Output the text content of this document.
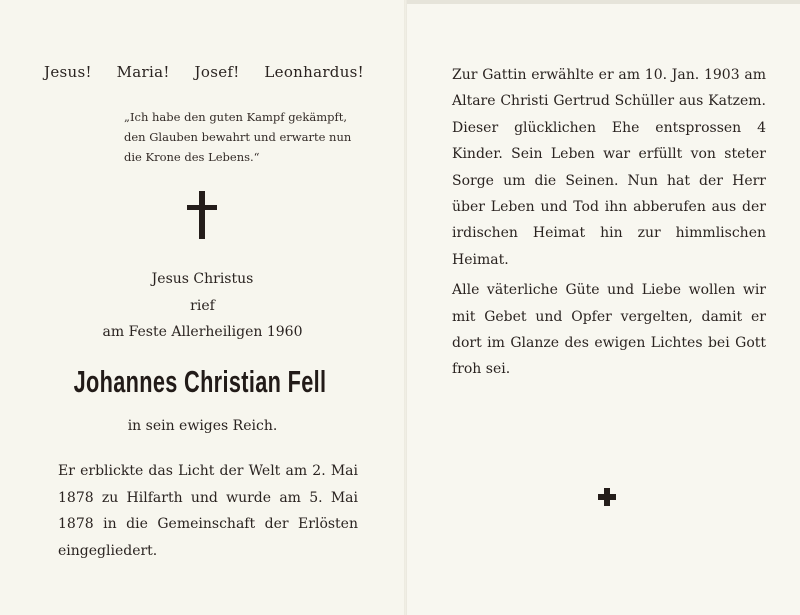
Jesus! Maria! Josef! Leonhardus!
„Ich habe den guten Kampf gekämpft, den Glauben bewahrt und erwarte nun die Krone des Lebens.“
Jesus Christus
rief
am Feste Allerheiligen 1960
Johannes Christian Fell
in sein ewiges Reich.
Er erblickte das Licht der Welt am 2. Mai 1878 zu Hilfarth und wurde am 5. Mai 1878 in die Gemeinschaft der Erlösten eingegliedert.

Zur Gattin erwählte er am 10. Jan. 1903 am Altare Christi Gertrud Schüller aus Katzem. Dieser glücklichen Ehe entsprossen 4 Kinder. Sein Leben war erfüllt von steter Sorge um die Seinen. Nun hat der Herr über Leben und Tod ihn abberufen aus der irdischen Heimat hin zur himmlischen Heimat.

Alle väterliche Güte und Liebe wollen wir mit Gebet und Opfer vergelten, damit er dort im Glanze des ewigen Lichtes bei Gott froh sei.
